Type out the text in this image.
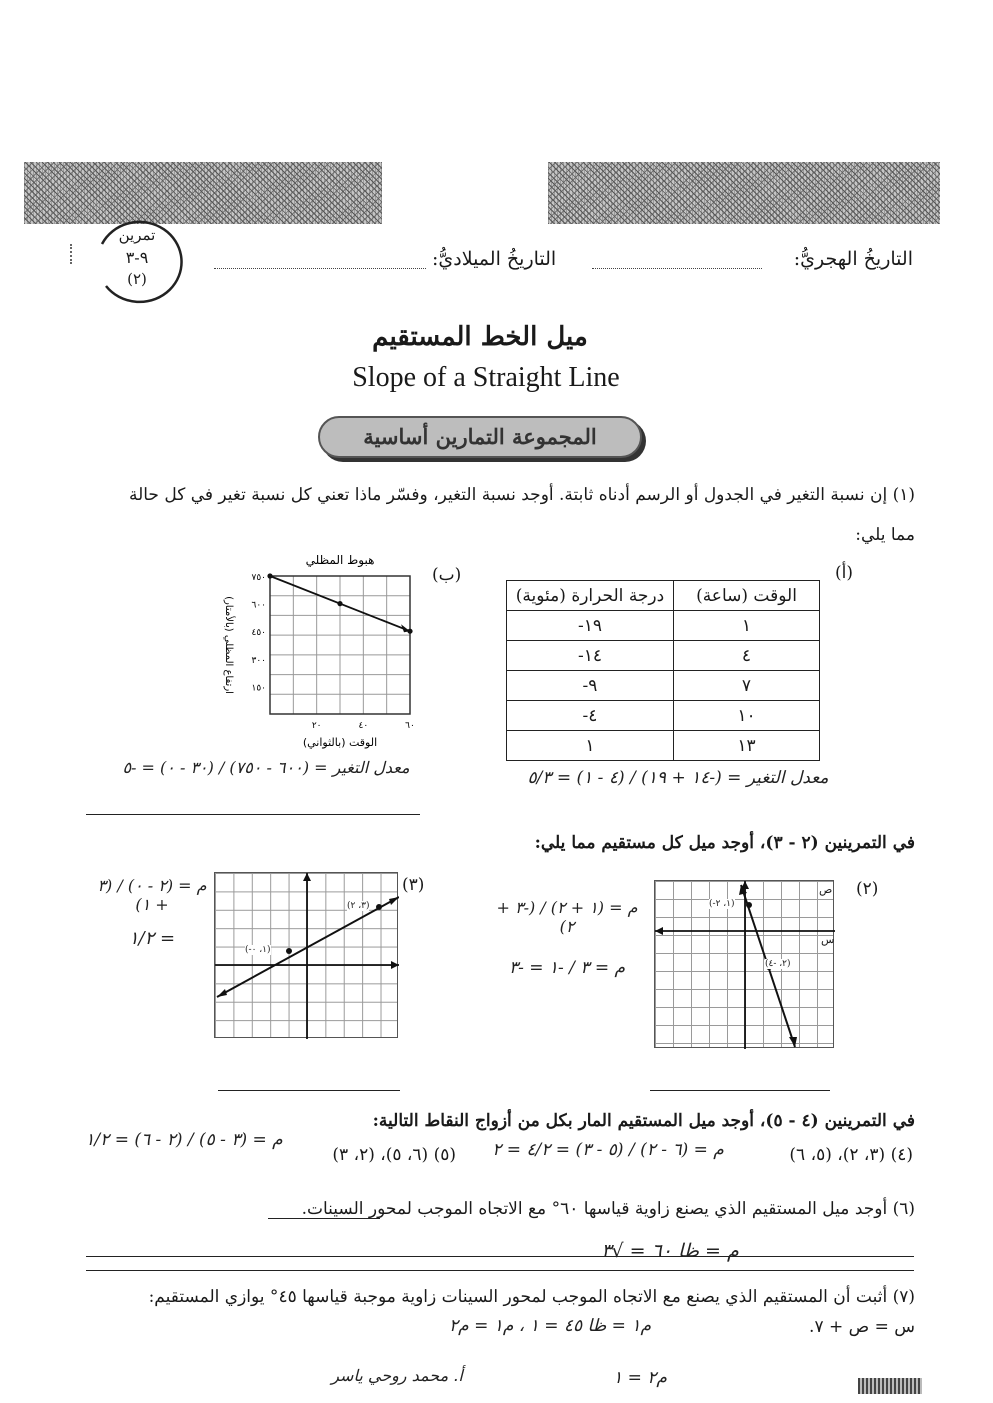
تمرين
٩-٣
(٢)
التاريخُ الهجريُّ:
التاريخُ الميلاديُّ:
ميل الخط المستقيم
Slope of a Straight Line
المجموعة التمارين أساسية
(١) إن نسبة التغير في الجدول أو الرسم أدناه ثابتة. أوجد نسبة التغير، وفسّر ماذا تعني كل نسبة تغير في كل حالة
مما يلي:
(أ)
(ب)
الوقت (ساعة)	درجة الحرارة (مئوية)
١	١٩-
٤	١٤-
٧	٩-
١٠	٤-
١٣	١
معدل التغير = (-١٤ + ١٩) / (٤ - ١) = ٥/٣
هبوط المظلي
٧٥٠
٦٠٠
٤٥٠
٣٠٠
١٥٠
٢٠	٤٠	٦٠
الوقت (بالثواني)
ارتفاع المظلي (بالأمتار)
معدل التغير = (٦٠٠ - ٧٥٠) / (٣٠ - ٠) = -٥
في التمرينين (٢ - ٣)، أوجد ميل كل مستقيم مما يلي:
(٢)
(-١، ٢)
(٢، -٤)
ص
س
م = (١ + ٢) / (-٣ + ٢)
م = ٣ / -١ = -٣
(٣)
(٣، ٢)
(-١، ٠)
م = (٢ - ٠) / (٣ + ١)
= ١/٢
في التمرينين (٤ - ٥)، أوجد ميل المستقيم المار بكل من أزواج النقاط التالية:
(٤) (٣، ٢)، (٥، ٦)
(٥) (٦، ٥)، (٢، ٣) م = (٦ - ٢) / (٥ - ٣) = ٤/٢ = ٢
م = (٣ - ٥) / (٢ - ٦) = ١/٢
(٦) أوجد ميل المستقيم الذي يصنع زاوية قياسها ٦٠° مع الاتجاه الموجب لمحور السينات.
م = ظا ٦٠ = √٣
(٧) أثبت أن المستقيم الذي يصنع مع الاتجاه الموجب لمحور السينات زاوية موجبة قياسها ٤٥° يوازي المستقيم:
س = ص + ٧.
م١ = ظا ٤٥ = ١ ، م١ = م٢
م٢ = ١
أ. محمد روحي ياسر
